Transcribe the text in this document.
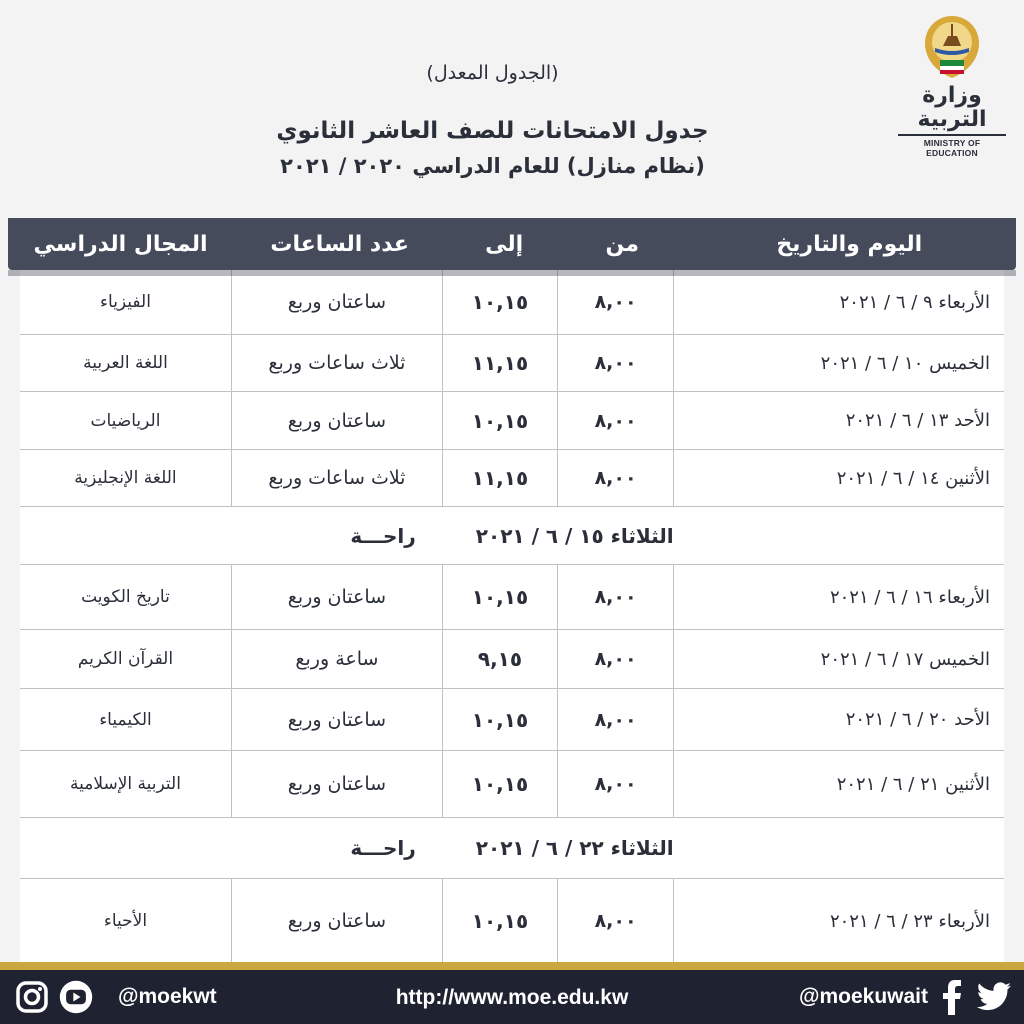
وزارة التربية
MINISTRY OF EDUCATION
(الجدول المعدل)
جدول الامتحانات للصف العاشر الثانوي
(نظام منازل) للعام الدراسي ٢٠٢٠ / ٢٠٢١
اليوم والتاريخ
من
إلى
عدد الساعات
المجال الدراسي
الأربعاء ٩ / ٦ / ٢٠٢١
٨,٠٠
١٠,١٥
ساعتان وربع
الفيزياء
الخميس ١٠ / ٦ / ٢٠٢١
٨,٠٠
١١,١٥
ثلاث ساعات وربع
اللغة العربية
الأحد ١٣ / ٦ / ٢٠٢١
٨,٠٠
١٠,١٥
ساعتان وربع
الرياضيات
الأثنين ١٤ / ٦ / ٢٠٢١
٨,٠٠
١١,١٥
ثلاث ساعات وربع
اللغة الإنجليزية
الثلاثاء ١٥ / ٦ / ٢٠٢١
راحـــة
الأربعاء ١٦ / ٦ / ٢٠٢١
٨,٠٠
١٠,١٥
ساعتان وربع
تاريخ الكويت
الخميس ١٧ / ٦ / ٢٠٢١
٨,٠٠
٩,١٥
ساعة وربع
القرآن الكريم
الأحد ٢٠ / ٦ / ٢٠٢١
٨,٠٠
١٠,١٥
ساعتان وربع
الكيمياء
الأثنين ٢١ / ٦ / ٢٠٢١
٨,٠٠
١٠,١٥
ساعتان وربع
التربية الإسلامية
الثلاثاء ٢٢ / ٦ / ٢٠٢١
راحـــة
الأربعاء ٢٣ / ٦ / ٢٠٢١
٨,٠٠
١٠,١٥
ساعتان وربع
الأحياء
@moekwt	http://www.moe.edu.kw	@moekuwait
